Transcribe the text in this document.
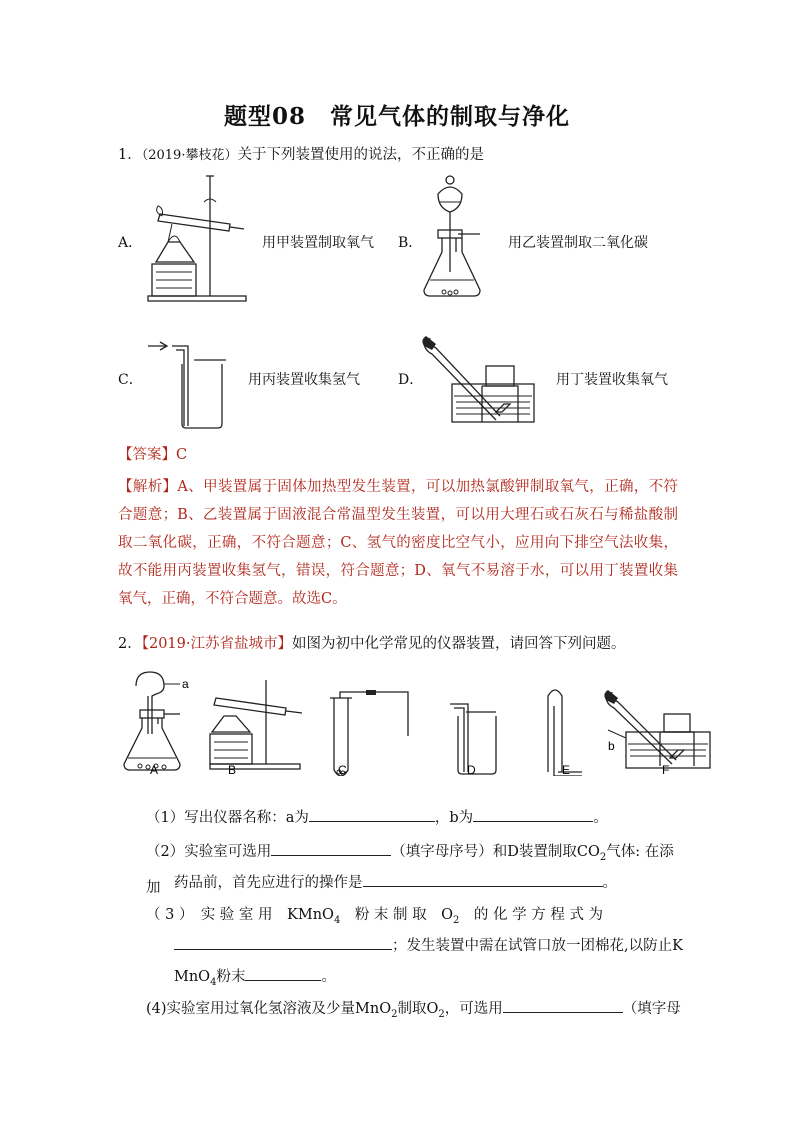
题型08　常见气体的制取与净化
1．（2019·攀枝花）关于下列装置使用的说法，不正确的是
A．	用甲装置制取氧气 B．	用乙装置制取二氧化碳
C．	用丙装置收集氢气	D．	用丁装置收集氧气
【答案】C
【解析】A、甲装置属于固体加热型发生装置，可以加热氯酸钾制取氧气，正确，不符合题意；B、乙装置属于固液混合常温型发生装置，可以用大理石或石灰石与稀盐酸制取二氧化碳，正确，不符合题意；C、氢气的密度比空气小，应用向下排空气法收集，故不能用丙装置收集氢气，错误，符合题意；D、氧气不易溶于水，可以用丁装置收集氧气，正确，不符合题意。故选C。
2．【2019·江苏省盐城市】如图为初中化学常见的仪器装置，请回答下列问题。
a
b
A	B	C	D	E	F
（1）写出仪器名称：a为	，b为	。
（2）实验室可选用	（填字母序号）和D装置制取$CO_2$气体: 在添加 药品前，首先应进行的操作是	。
（ 3 ）　 实 验 室 用　 KMnO$_4$　 粉 末 制 取　 $O_2$　 的 化 学 方 程 式 为
；发生装置中需在试管口放一团棉花,以防止K
MnO$_4$粉末	。
(4)实验室用过氧化氢溶液及少量MnO$_2$制取$O_2$，可选用	（填字母
